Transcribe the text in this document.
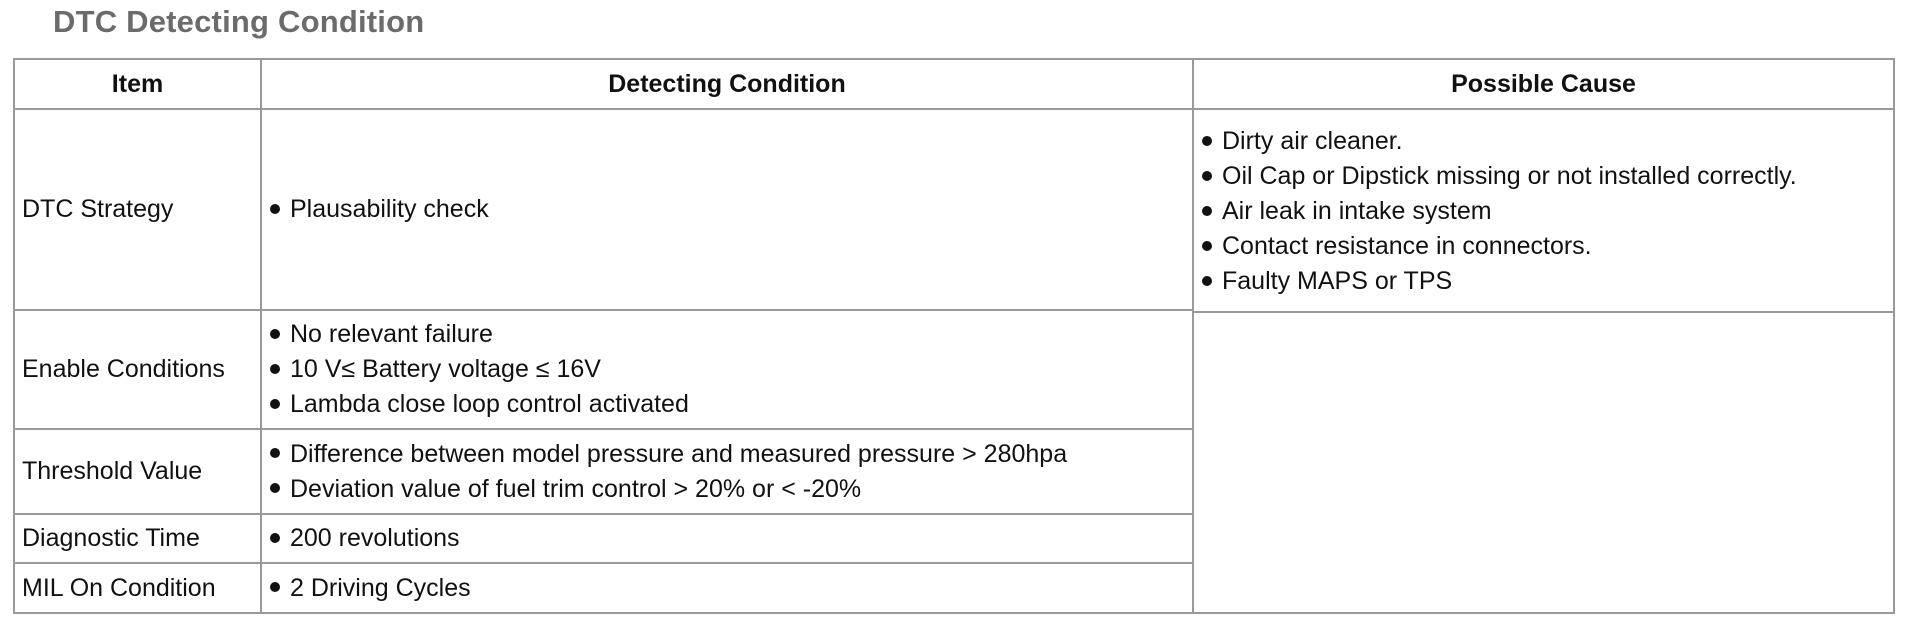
DTC Detecting Condition
Item	Detecting Condition	Possible Cause
DTC Strategy	Plausability check	Dirty air cleaner.
Oil Cap or Dipstick missing or not installed correctly.
Air leak in intake system
Contact resistance in connectors.
Faulty MAPS or TPS

Enable Conditions	No relevant failure
10 V≤ Battery voltage ≤ 16V
Lambda close loop control activated	

Threshold Value	Difference between model pressure and measured pressure > 280hpa
Deviation value of fuel trim control > 20% or < -20%	

Diagnostic Time	200 revolutions	

MIL On Condition	2 Driving Cycles	
